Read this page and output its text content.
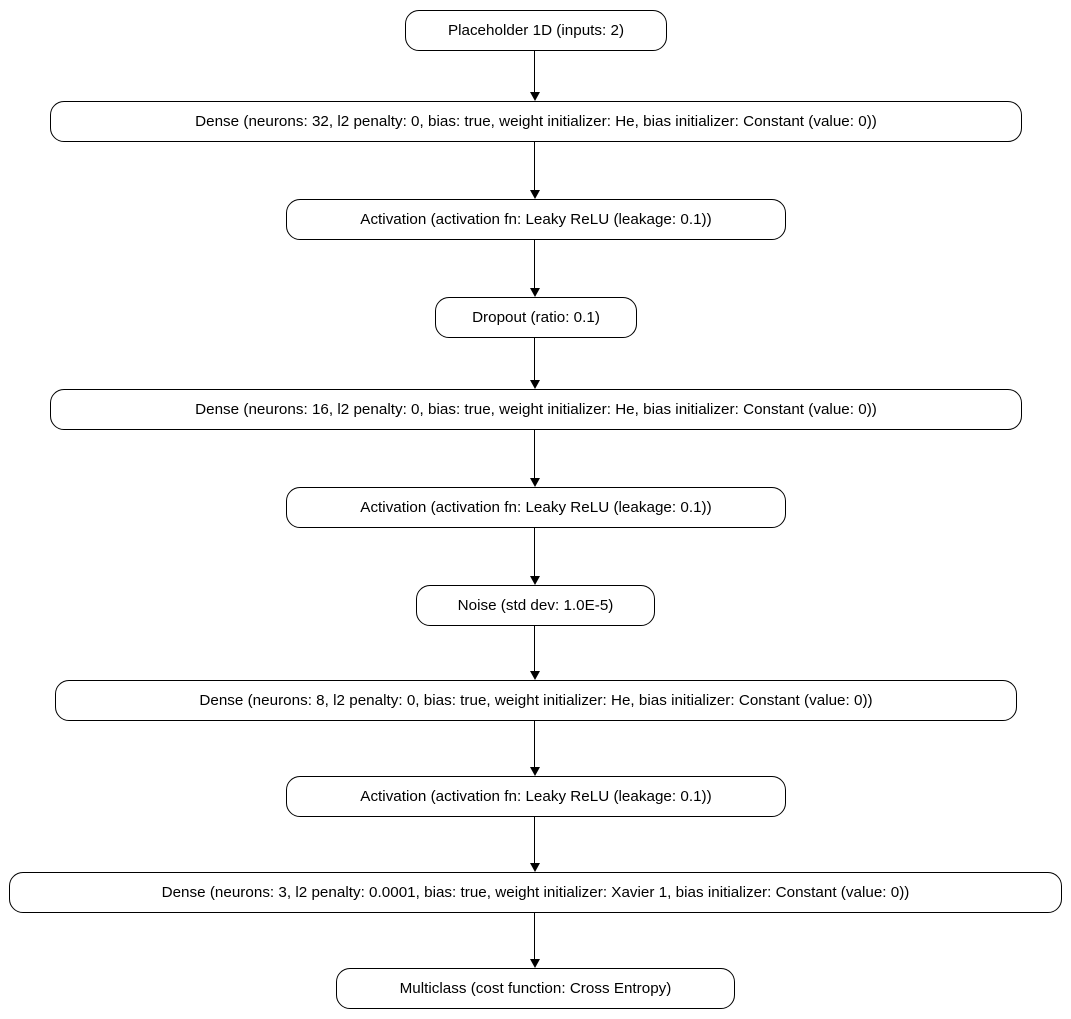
Placeholder 1D (inputs: 2)
Dense (neurons: 32, l2 penalty: 0, bias: true, weight initializer: He, bias initializer: Constant (value: 0))
Activation (activation fn: Leaky ReLU (leakage: 0.1))
Dropout (ratio: 0.1)
Dense (neurons: 16, l2 penalty: 0, bias: true, weight initializer: He, bias initializer: Constant (value: 0))
Activation (activation fn: Leaky ReLU (leakage: 0.1))
Noise (std dev: 1.0E-5)
Dense (neurons: 8, l2 penalty: 0, bias: true, weight initializer: He, bias initializer: Constant (value: 0))
Activation (activation fn: Leaky ReLU (leakage: 0.1))
Dense (neurons: 3, l2 penalty: 0.0001, bias: true, weight initializer: Xavier 1, bias initializer: Constant (value: 0))
Multiclass (cost function: Cross Entropy)
